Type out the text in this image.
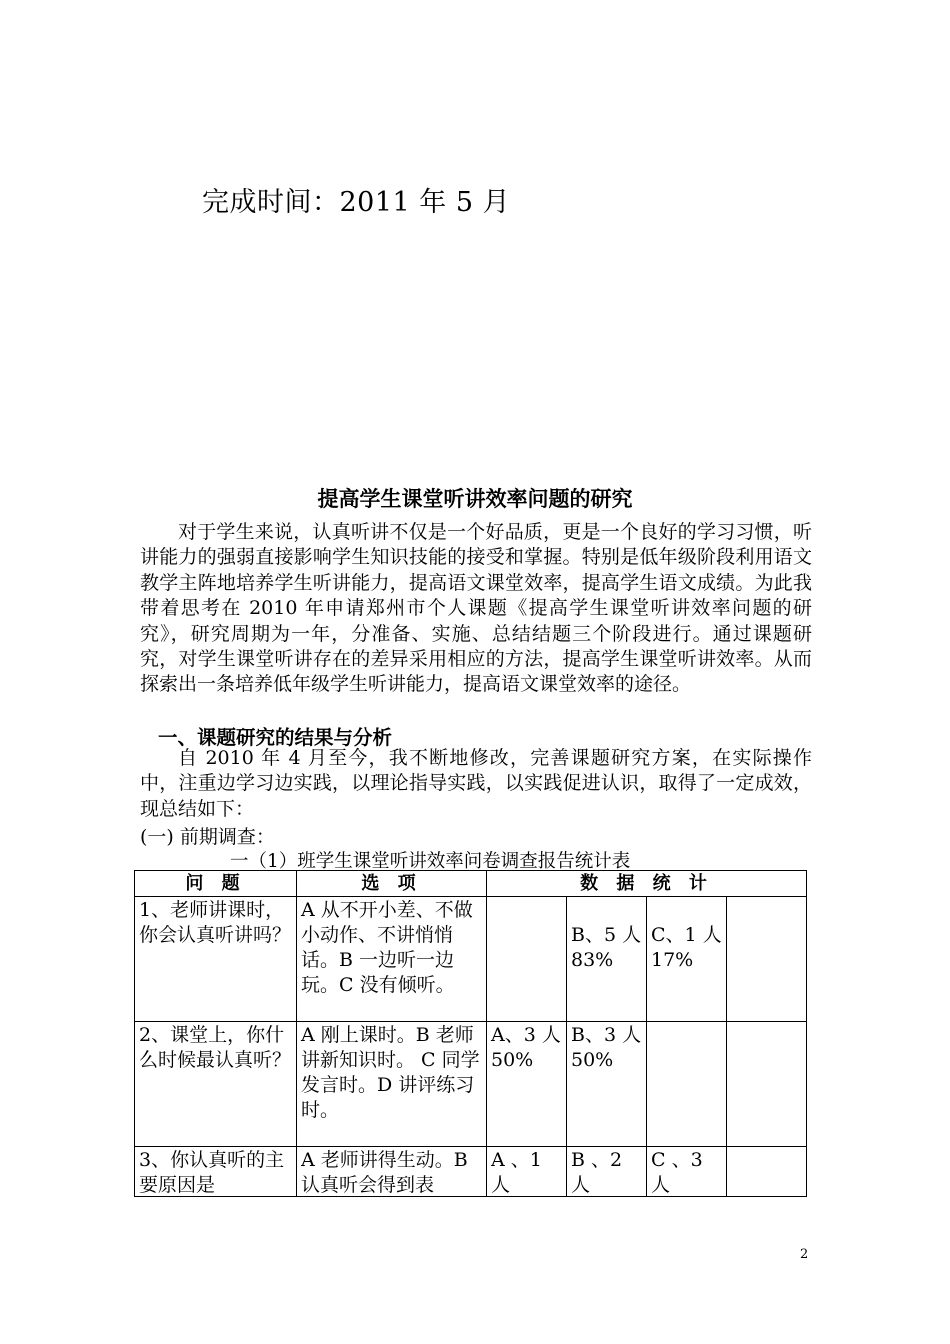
完成时间：2011 年 5 月
提高学生课堂听讲效率问题的研究

对于学生来说，认真听讲不仅是一个好品质，更是一个良好的学习习惯，听讲能力的强弱直接影响学生知识技能的接受和掌握。特别是低年级阶段利用语文教学主阵地培养学生听讲能力，提高语文课堂效率，提高学生语文成绩。为此我带着思考在 2010 年申请郑州市个人课题《提高学生课堂听讲效率问题的研究》，研究周期为一年，分准备、实施、总结结题三个阶段进行。通过课题研究，对学生课堂听讲存在的差异采用相应的方法，提高学生课堂听讲效率。从而探索出一条培养低年级学生听讲能力，提高语文课堂效率的途径。

一、课题研究的结果与分析

自 2010 年 4 月至今，我不断地修改，完善课题研究方案，在实际操作中，注重边学习边实践，以理论指导实践，以实践促进认识，取得了一定成效，现总结如下：

(一) 前期调查：
一（1）班学生课堂听讲效率问卷调查报告统计表
问 题	选 项	数 据 统 计			
1、老师讲课时，你会认真听讲吗？	A 从不开小差、不做小动作、不讲悄悄话。B 一边听一边玩。C 没有倾听。		B、5 人 83%	C、1 人 17%	
2、课堂上，你什么时候最认真听？	A 刚上课时。B 老师讲新知识时。 C 同学发言时。D 讲评练习时。	A、3 人 50%	B、3 人 50%		

3、你认真听的主要原因是	A 老师讲得生动。B 认真听会得到表	A 、1 人	B 、2 人	C 、3 人	

2
